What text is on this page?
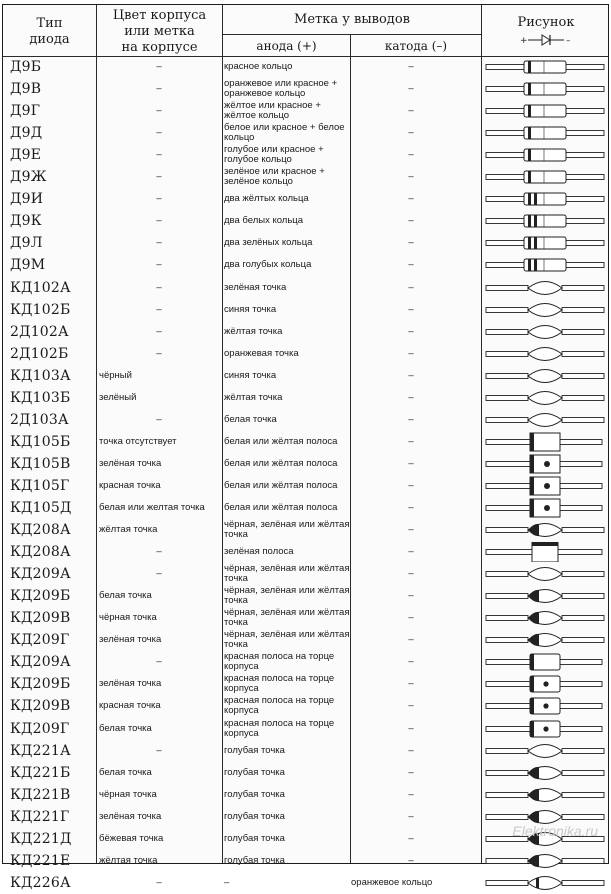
Тип
диода
Цвет корпуса
или метка
на корпусе
Метка у выводов
анода (+)	катода (–)
Рисунок
+	–
Д9Б	–	красное кольцо	–
Д9В	–	оранжевое или красное + оранжевое кольцо	–
Д9Г	–	жёлтое или красное + жёлтое кольцо	–
Д9Д	–	белое или красное + белое кольцо	–
Д9Е	–	голубое или красное + голубое кольцо	–
Д9Ж	–	зелёное или красное + зелёное кольцо	–
Д9И	–	два жёлтых кольца	–
Д9К	–	два белых кольца	–
Д9Л	–	два зелёных кольца	–
Д9М	–	два голубых кольца	–
КД102А	–	зелёная точка	–
КД102Б	–	синяя точка	–
2Д102А	–	жёлтая точка	–
2Д102Б	–	оранжевая точка	–
КД103А	чёрный	синяя точка	–
КД103Б	зелёный	жёлтая точка	–
2Д103А	–	белая точка	–
КД105Б	точка отсутствует	белая или жёлтая полоса	–
КД105В	зелёная точка	белая или жёлтая полоса	–
КД105Г	красная точка	белая или жёлтая полоса	–
КД105Д	белая или желтая точка	белая или жёлтая полоса	–
КД208А	жёлтая точка	чёрная, зелёная или жёлтая точка	–
КД208А	–	зелёная полоса	–
КД209А	–	чёрная, зелёная или жёлтая точка	–
КД209Б	белая точка	чёрная, зелёная или жёлтая точка	–
КД209В	чёрная точка	чёрная, зелёная или жёлтая точка	–
КД209Г	зелёная точка	чёрная, зелёная или жёлтая точка	–
КД209А	–	красная полоса на торце корпуса	–
КД209Б	зелёная точка	красная полоса на торце корпуса	–
КД209В	красная точка	красная полоса на торце корпуса	–
КД209Г	белая точка	красная полоса на торце корпуса	–
КД221А	–	голубая точка	–
КД221Б	белая точка	голубая точка	–
КД221В	чёрная точка	голубая точка	–
КД221Г	зелёная точка	голубая точка	–
КД221Д	бёжевая точка	голубая точка	–
КД221Е	жёлтая точка	голубая точка	–
КД226А	–	–	оранжевое кольцо
Elektronika.ru
